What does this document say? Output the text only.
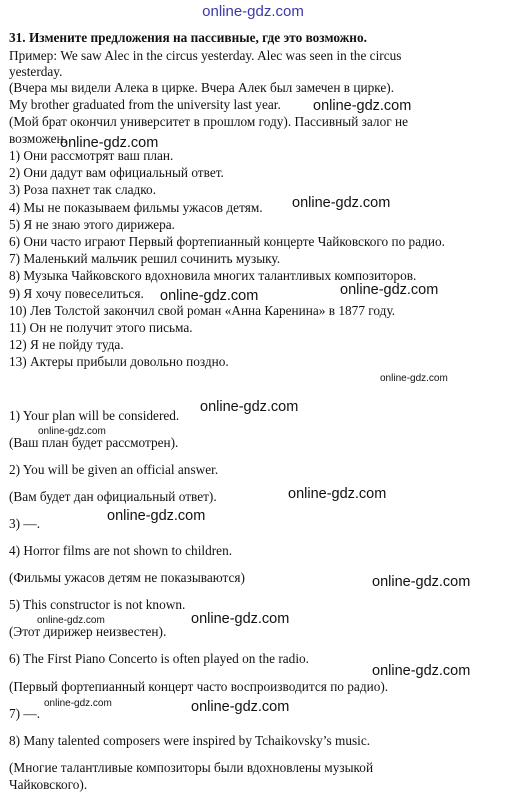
online-gdz.com
31. Измените предложения на пассивные, где это возможно.
Пример: We saw Alec in the circus yesterday. Alec was seen in the circus
yesterday.
(Вчера мы видели Алека в цирке. Вчера Алек был замечен в цирке).
My brother graduated from the university last year.
(Мой брат окончил университет в прошлом году). Пассивный залог не
возможен.
1) Они рассмотрят ваш план.
2) Они дадут вам официальный ответ.
3) Роза пахнет так сладко.
4) Мы не показываем фильмы ужасов детям.
5) Я не знаю этого дирижера.
6) Они часто играют Первый фортепианный концерте Чайковского по радио.
7) Маленький мальчик решил сочинить музыку.
8) Музыка Чайковского вдохновила многих талантливых композиторов.
9) Я хочу повеселиться.
10) Лев Толстой закончил свой роман «Анна Каренина» в 1877 году.
11) Он не получит этого письма.
12) Я не пойду туда.
13) Актеры прибыли довольно поздно.
1) Your plan will be considered.
(Ваш план будет рассмотрен).
2) You will be given an official answer.
(Вам будет дан официальный ответ).
3) —.
4) Horror films are not shown to children.
(Фильмы ужасов детям не показываются)
5) This constructor is not known.
(Этот дирижер неизвестен).
6) The First Piano Concerto is often played on the radio.
(Первый фортепианный концерт часто воспроизводится по радио).
7) —.
8) Many talented composers were inspired by Tchaikovsky’s music.
(Многие талантливые композиторы были вдохновлены музыкой
Чайковского).
online-gdz.com
online-gdz.com
online-gdz.com
online-gdz.com
online-gdz.com
online-gdz.com
online-gdz.com
online-gdz.com
online-gdz.com
online-gdz.com
online-gdz.com
online-gdz.com
online-gdz.com
online-gdz.com
online-gdz.com	online-gdz.com
